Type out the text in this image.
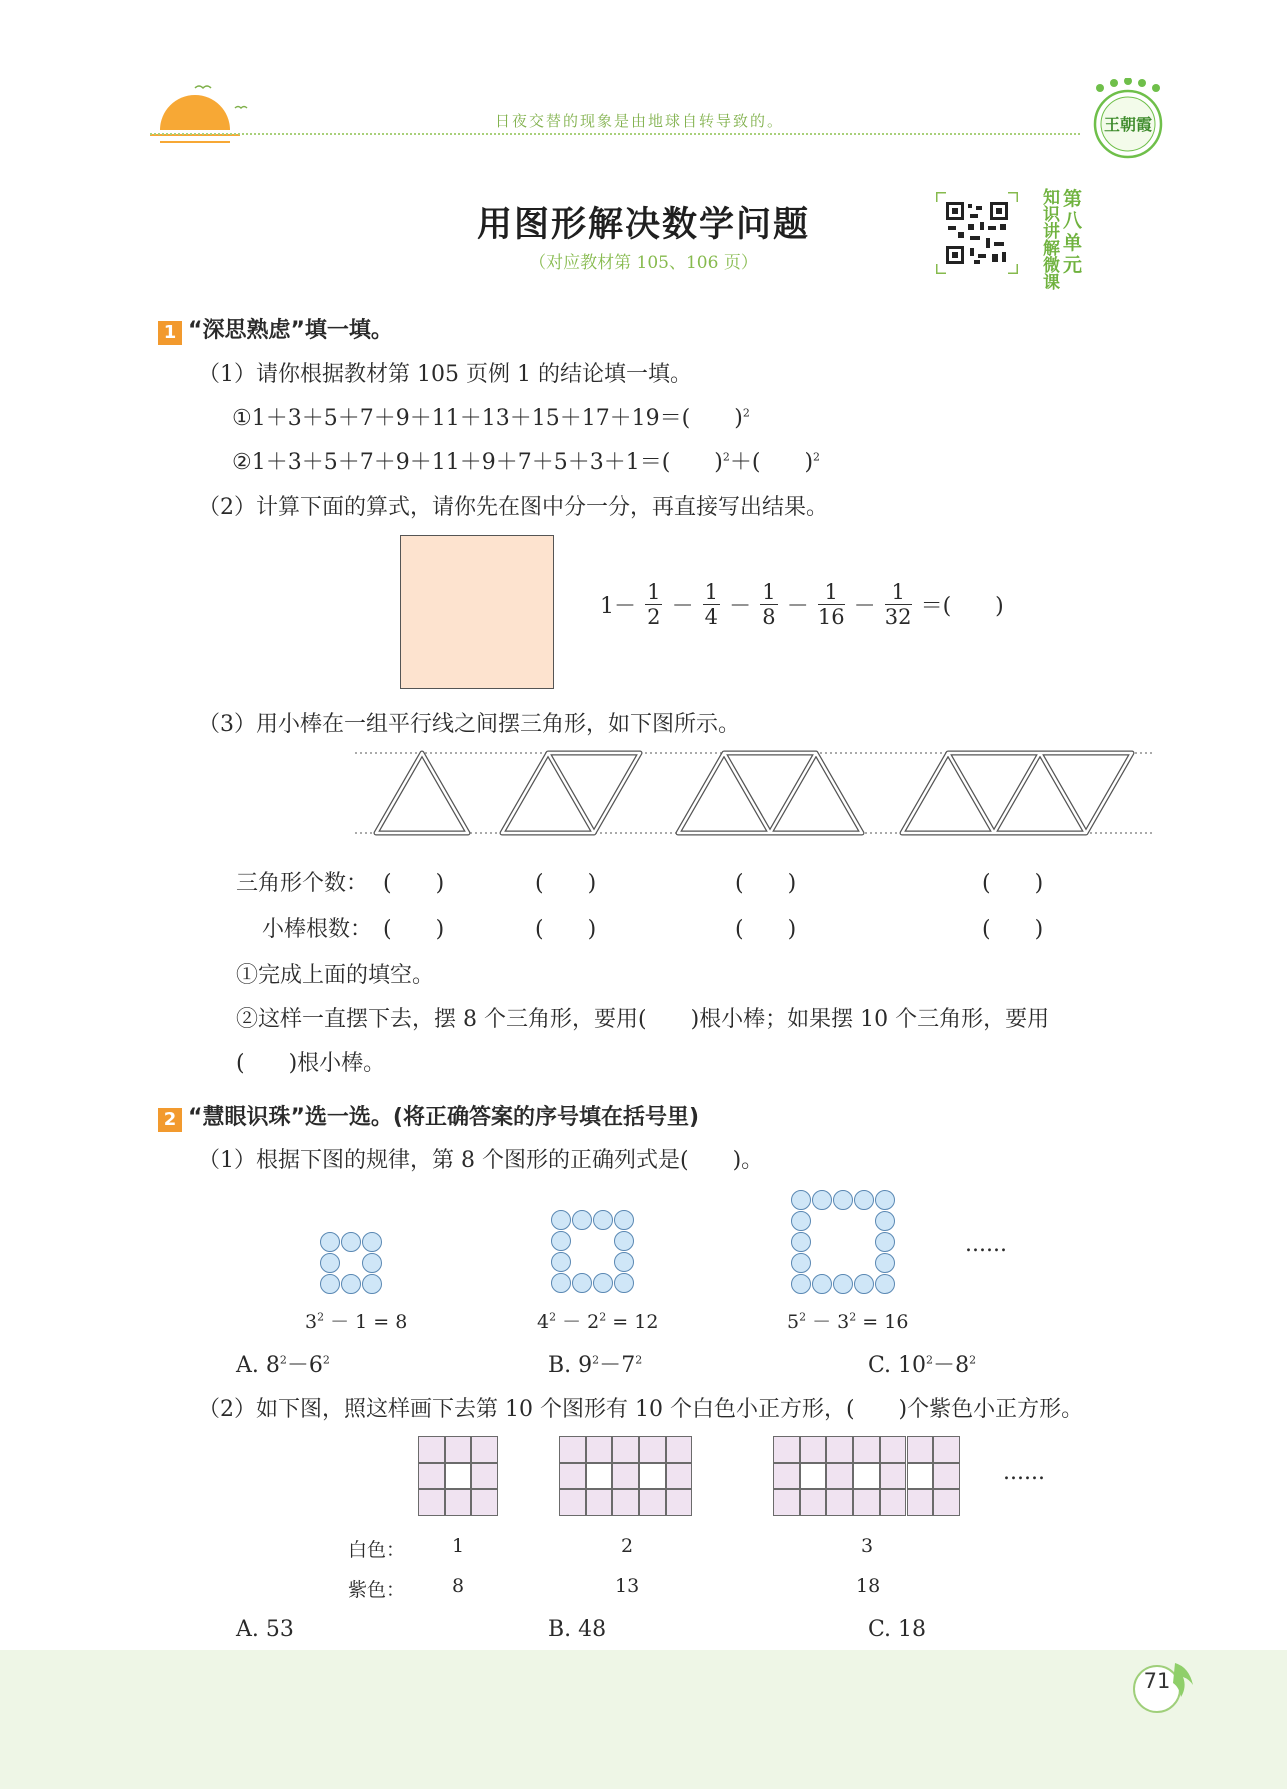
日夜交替的现象是由地球自转导致的。	王朝霞
用图形解决数学问题
（对应教材第 105、106 页）
知
识
讲
解
微
课
第
八
单
元
1 “深思熟虑”填一填。
（1）请你根据教材第 105 页例 1 的结论填一填。
①1＋3＋5＋7＋9＋11＋13＋15＋17＋19＝(　　)$^2$
②1＋3＋5＋7＋9＋11＋9＋7＋5＋3＋1＝(　　)$^2$＋(　　)$^2$
（2）计算下面的算式，请你先在图中分一分，再直接写出结果。
$1- \frac{1}{2} - \frac{1}{4} - \frac{1}{8} - \frac{1}{16} - \frac{1}{32}$ ＝(　　)
（3）用小棒在一组平行线之间摆三角形，如下图所示。
三角形个数： (　　)	(　　)	(　　)	(　　)
小棒根数： (　　)	(　　)	(　　)	(　　)
①完成上面的填空。
②这样一直摆下去，摆 8 个三角形，要用(　　)根小棒；如果摆 10 个三角形，要用
(　　)根小棒。
2 “慧眼识珠”选一选。(将正确答案的序号填在括号里)
（1）根据下图的规律，第 8 个图形的正确列式是(　　)。
......
$3^2 - 1 = 8$	$4^2 - 2^2 = 12$	$5^2 - 3^2 = 16$
A. $8^2-6^2$	B. $9^2-7^2$	C. $10^2-8^2$
（2）如下图，照这样画下去第 10 个图形有 10 个白色小正方形，(　　)个紫色小正方形。
......
白色： 1	2	3
紫色： 8	13	18
A. 53	B. 48	C. 18
71
